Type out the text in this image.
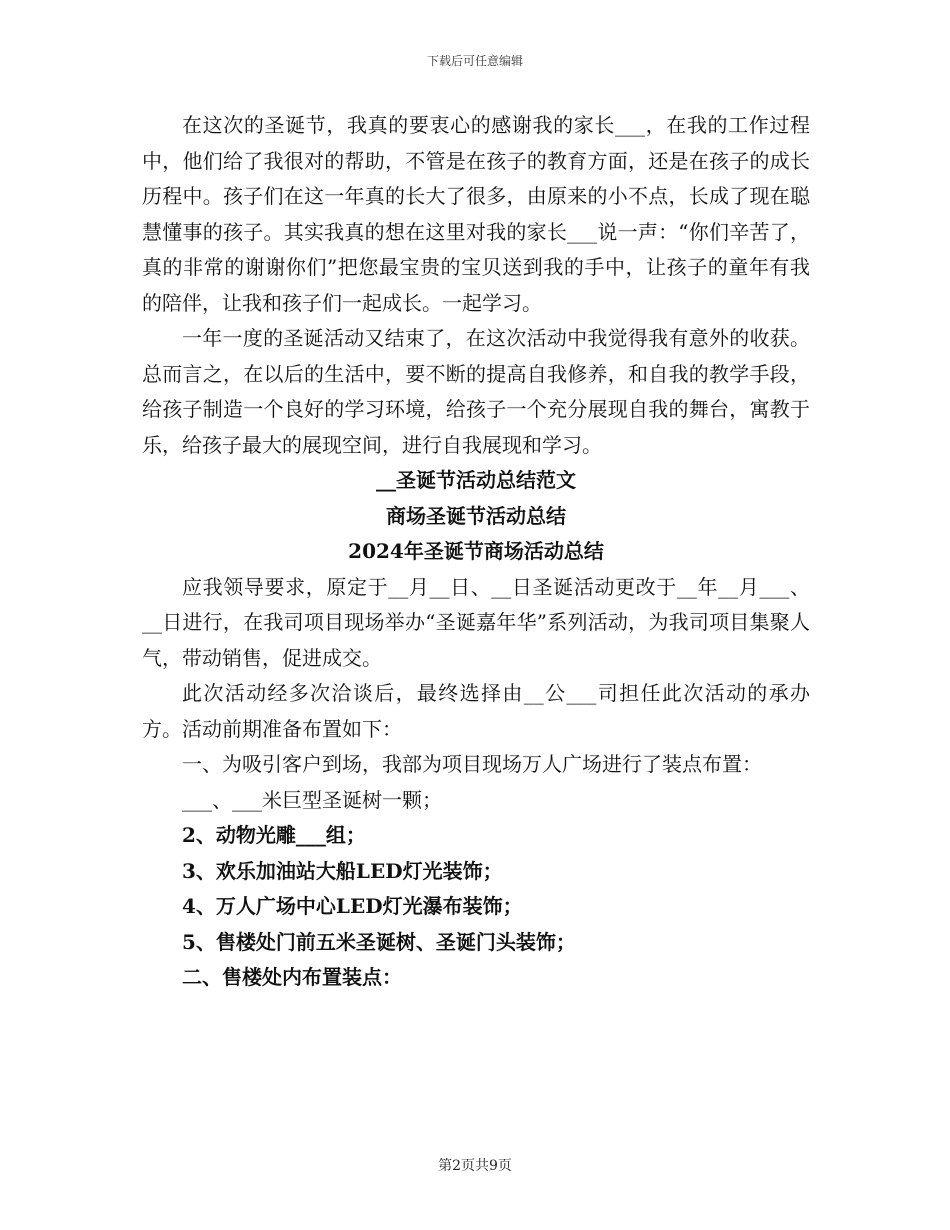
下载后可任意编辑

在这次的圣诞节，我真的要衷心的感谢我的家长___，在我的工作过程中，他们给了我很对的帮助，不管是在孩子的教育方面，还是在孩子的成长历程中。孩子们在这一年真的长大了很多，由原来的小不点，长成了现在聪慧懂事的孩子。其实我真的想在这里对我的家长___说一声：“你们辛苦了，真的非常的谢谢你们”把您最宝贵的宝贝送到我的手中，让孩子的童年有我的陪伴，让我和孩子们一起成长。一起学习。

一年一度的圣诞活动又结束了，在这次活动中我觉得我有意外的收获。总而言之，在以后的生活中，要不断的提高自我修养，和自我的教学手段，给孩子制造一个良好的学习环境，给孩子一个充分展现自我的舞台，寓教于乐，给孩子最大的展现空间，进行自我展现和学习。

__圣诞节活动总结范文

商场圣诞节活动总结

2024年圣诞节商场活动总结

应我领导要求，原定于__月__日、__日圣诞活动更改于__年__月___、__日进行，在我司项目现场举办“圣诞嘉年华”系列活动，为我司项目集聚人气，带动销售，促进成交。

此次活动经多次洽谈后，最终选择由__公___司担任此次活动的承办方。活动前期准备布置如下：

一、为吸引客户到场，我部为项目现场万人广场进行了装点布置：

___、___米巨型圣诞树一颗；

2、动物光雕___组；

3、欢乐加油站大船LED灯光装饰；

4、万人广场中心LED灯光瀑布装饰；

5、售楼处门前五米圣诞树、圣诞门头装饰；

二、售楼处内布置装点：

第2页共9页
